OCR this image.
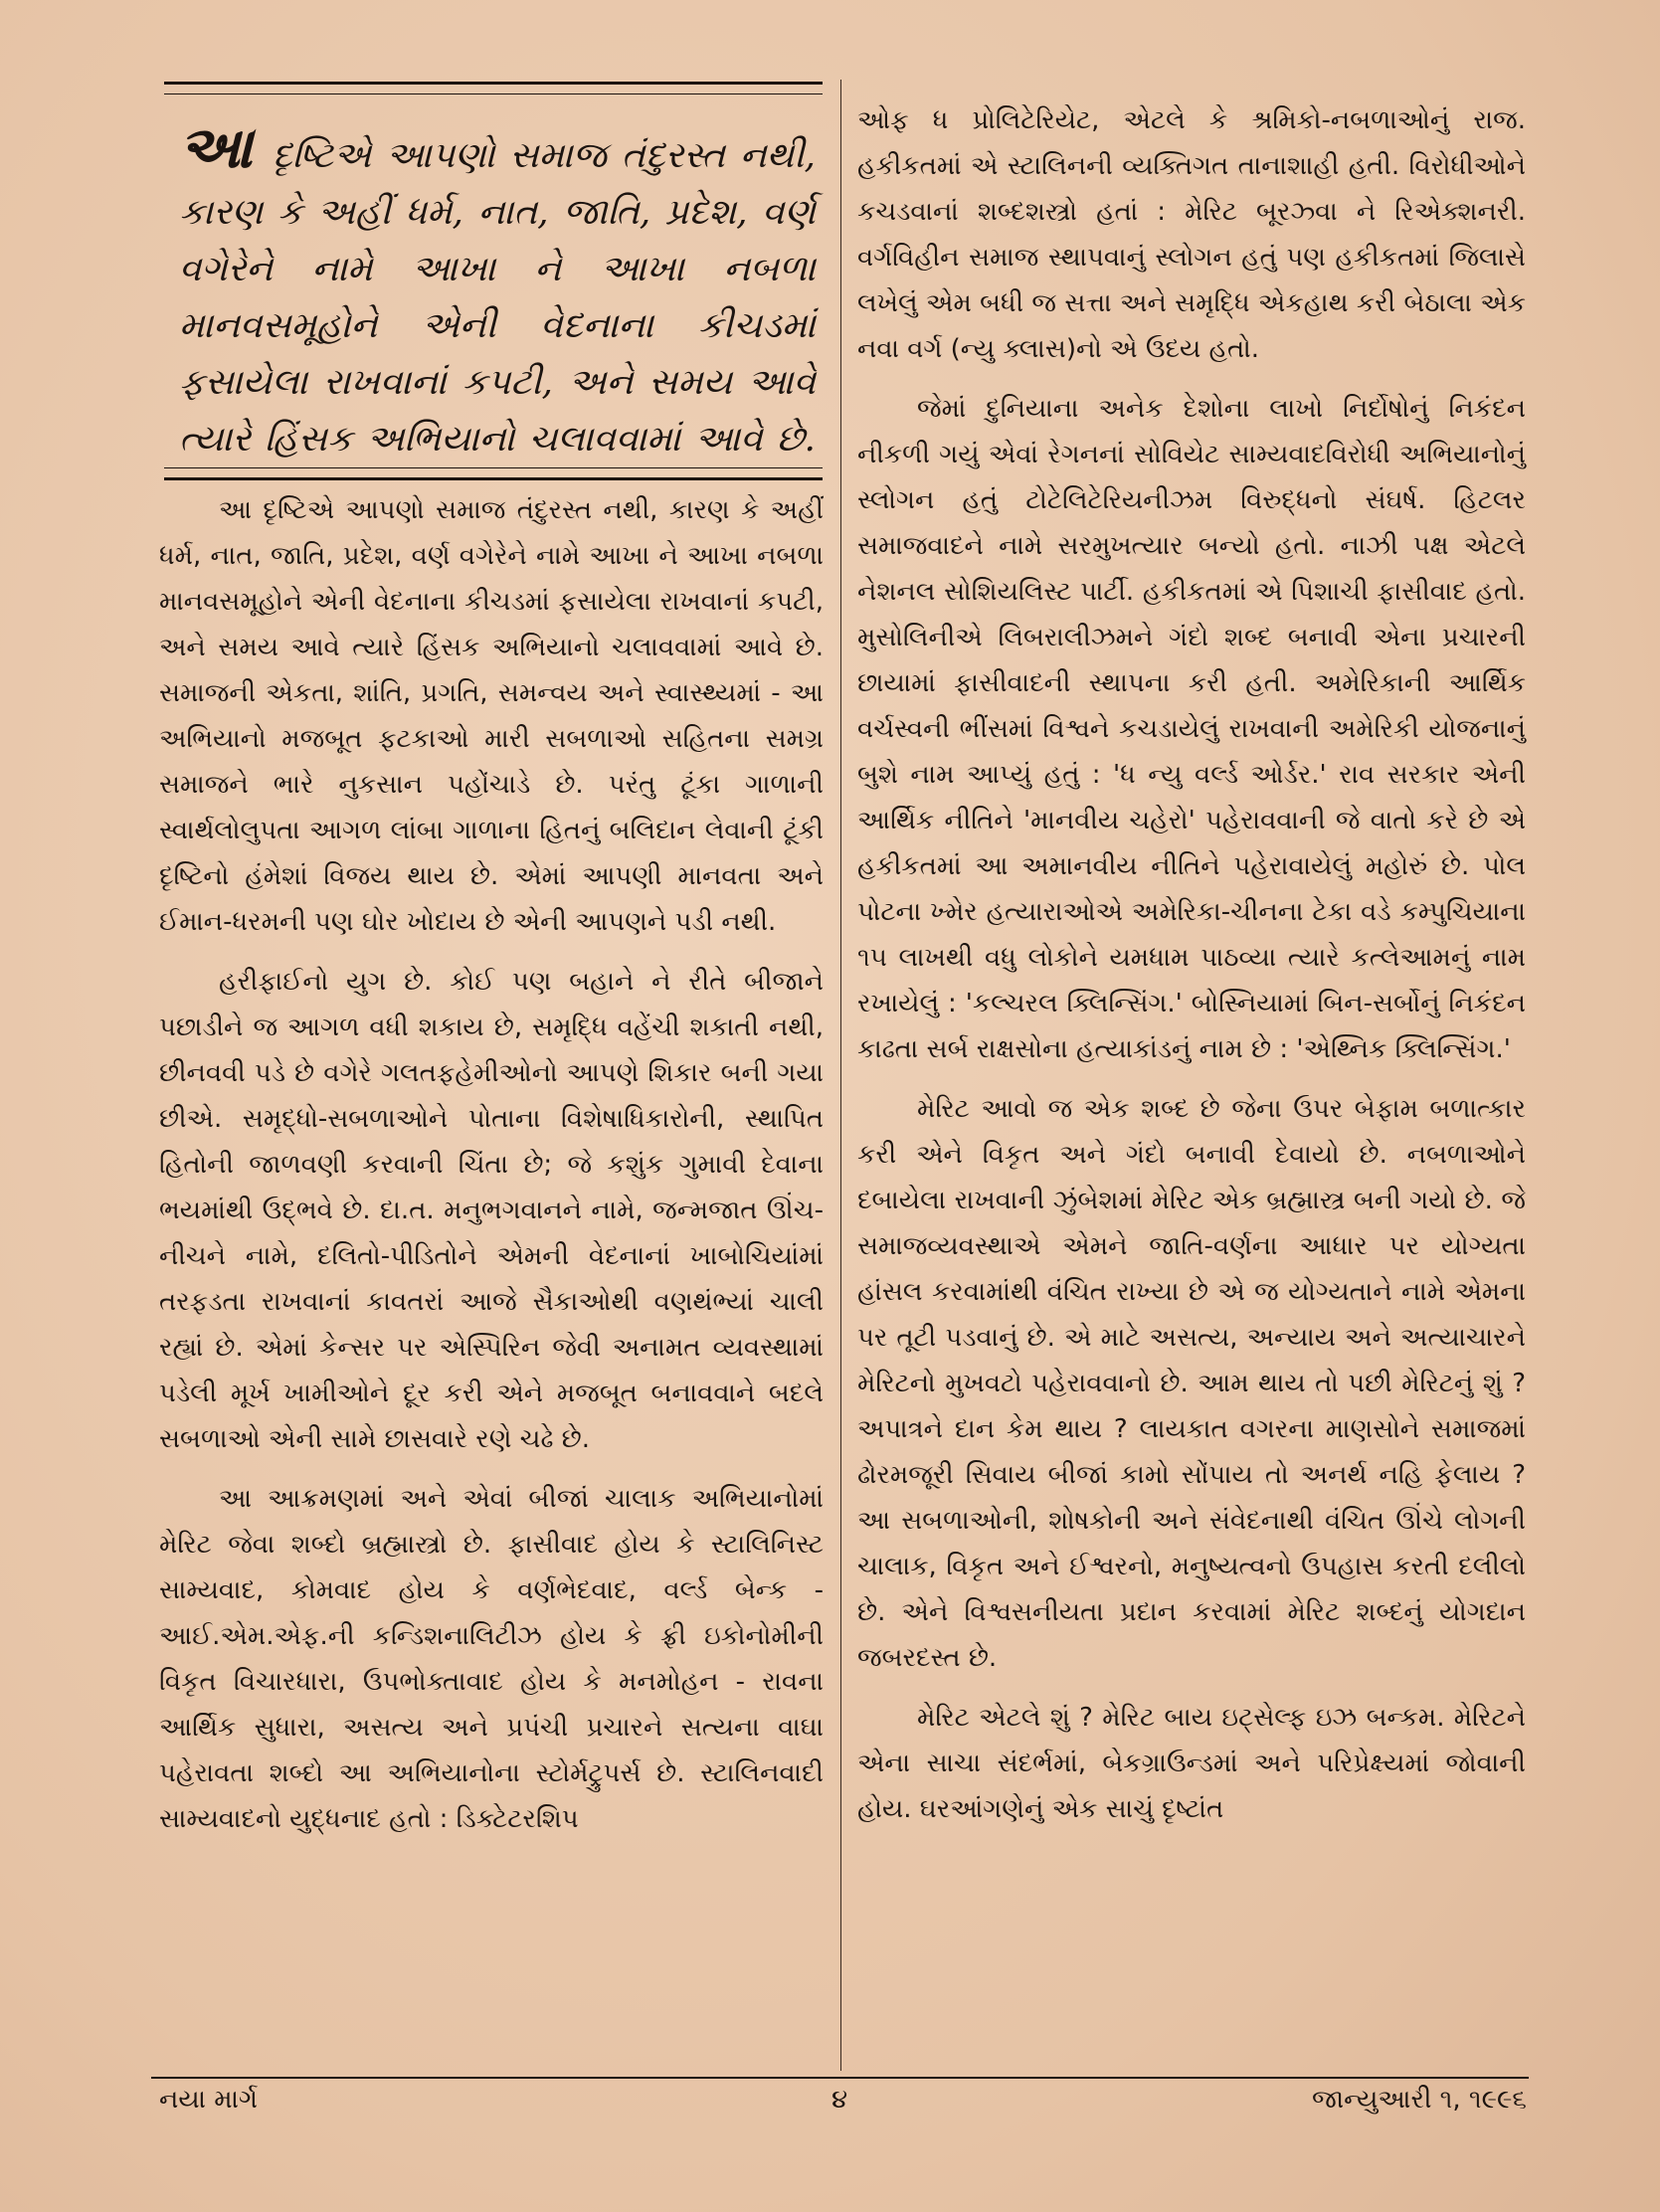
આદૃષ્ટિએ આપણો સમાજ તંદુરસ્ત નથી, કારણ કે અહીં ધર્મ, નાત, જાતિ, પ્રદેશ, વર્ણ વગેરેને નામે આખા ને આખા નબળા માનવસમૂહોને એની વેદનાના કીચડમાં ફસાયેલા રાખવાનાં કપટી, અને સમય આવે ત્યારે હિંસક અભિયાનો ચલાવવામાં આવે છે.

આ દૃષ્ટિએ આપણો સમાજ તંદુરસ્ત નથી, કારણ કે અહીં ધર્મ, નાત, જાતિ, પ્રદેશ, વર્ણ વગેરેને નામે આખા ને આખા નબળા માનવસમૂહોને એની વેદનાના કીચડમાં ફસાયેલા રાખવાનાં કપટી, અને સમય આવે ત્યારે હિંસક અભિયાનો ચલાવવામાં આવે છે. સમાજની એકતા, શાંતિ, પ્રગતિ, સમન્વય અને સ્વાસ્થ્યમાં - આ અભિયાનો મજબૂત ફટકાઓ મારી સબળાઓ સહિતના સમગ્ર સમાજને ભારે નુકસાન પહોંચાડે છે. પરંતુ ટૂંકા ગાળાની સ્વાર્થલોલુપતા આગળ લાંબા ગાળાના હિતનું બલિદાન લેવાની ટૂંકી દૃષ્ટિનો હંમેશાં વિજય થાય છે. એમાં આપણી માનવતા અને ઈમાન-ધરમની પણ ઘોર ખોદાય છે એની આપણને પડી નથી.

હરીફાઈનો યુગ છે. કોઈ પણ બહાને ને રીતે બીજાને પછાડીને જ આગળ વધી શકાય છે, સમૃદ્ધિ વહેંચી શકાતી નથી, છીનવવી પડે છે વગેરે ગલતફહેમીઓનો આપણે શિકાર બની ગયા છીએ. સમૃદ્ધો-સબળાઓને પોતાના વિશેષાધિકારોની, સ્થાપિત હિતોની જાળવણી કરવાની ચિંતા છે; જે કશુંક ગુમાવી દેવાના ભયમાંથી ઉદ્ભવે છે. દા.ત. મનુભગવાનને નામે, જન્મજાત ઊંચ-નીચને નામે, દલિતો-પીડિતોને એમની વેદનાનાં ખાબોચિયાંમાં તરફડતા રાખવાનાં કાવતરાં આજે સૈકાઓથી વણથંભ્યાં ચાલી રહ્યાં છે. એમાં કેન્સર પર એસ્પિરિન જેવી અનામત વ્યવસ્થામાં પડેલી મૂર્ખ ખામીઓને દૂર કરી એને મજબૂત બનાવવાને બદલે સબળાઓ એની સામે છાસવારે રણે ચઢે છે.

આ આક્રમણમાં અને એવાં બીજાં ચાલાક અભિયાનોમાં મેરિટ જેવા શબ્દો બ્રહ્માસ્ત્રો છે. ફાસીવાદ હોય કે સ્ટાલિનિસ્ટ સામ્યવાદ, કોમવાદ હોય કે વર્ણભેદવાદ, વર્લ્ડ બેન્ક - આઈ.એમ.એફ.ની કન્ડિશનાલિટીઝ હોય કે ફ્રી ઇકોનોમીની વિકૃત વિચારધારા, ઉપભોક્તાવાદ હોય કે મનમોહન - રાવના આર્થિક સુધારા, અસત્ય અને પ્રપંચી પ્રચારને સત્યના વાઘા પહેરાવતા શબ્દો આ અભિયાનોના સ્ટોર્મટ્રુપર્સ છે. સ્ટાલિનવાદી સામ્યવાદનો યુદ્ધનાદ હતો : ડિક્ટેટરશિપ

ઓફ ધ પ્રોલિટેરિયેટ, એટલે કે શ્રમિકો-નબળાઓનું રાજ. હકીકતમાં એ સ્ટાલિનની વ્યક્તિગત તાનાશાહી હતી. વિરોધીઓને કચડવાનાં શબ્દશસ્ત્રો હતાં : મેરિટ બૂરઝ્વા ને રિએક્શનરી. વર્ગવિહીન સમાજ સ્થાપવાનું સ્લોગન હતું પણ હકીકતમાં જિલાસે લખેલું એમ બધી જ સત્તા અને સમૃદ્ધિ એકહાથ કરી બેઠાલા એક નવા વર્ગ (ન્યુ ક્લાસ)નો એ ઉદય હતો.

જેમાં દુનિયાના અનેક દેશોના લાખો નિર્દોષોનું નિકંદન નીકળી ગયું એવાં રેગનનાં સોવિયેટ સામ્યવાદવિરોધી અભિયાનોનું સ્લોગન હતું ટોટેલિટેરિયનીઝમ વિરુદ્ધનો સંઘર્ષ. હિટલર સમાજવાદને નામે સરમુખત્યાર બન્યો હતો. નાઝી પક્ષ એટલે નેશનલ સોશિયલિસ્ટ પાર્ટી. હકીકતમાં એ પિશાચી ફાસીવાદ હતો. મુસોલિનીએ લિબરાલીઝમને ગંદો શબ્દ બનાવી એના પ્રચારની છાયામાં ફાસીવાદની સ્થાપના કરી હતી. અમેરિકાની આર્થિક વર્ચસ્વની ભીંસમાં વિશ્વને કચડાયેલું રાખવાની અમેરિકી યોજનાનું બુશે નામ આપ્યું હતું : 'ધ ન્યુ વર્લ્ડ ઓર્ડર.' રાવ સરકાર એની આર્થિક નીતિને 'માનવીય ચહેરો' પહેરાવવાની જે વાતો કરે છે એ હકીકતમાં આ અમાનવીય નીતિને પહેરાવાયેલું મહોરું છે. પોલ પોટના ખ્મેર હત્યારાઓએ અમેરિકા-ચીનના ટેકા વડે કમ્પુચિયાના ૧૫ લાખથી વધુ લોકોને યમધામ પાઠવ્યા ત્યારે કત્લેઆમનું નામ રખાયેલું : 'કલ્ચરલ ક્લિન્સિંગ.' બોસ્નિયામાં બિન-સર્બોનું નિકંદન કાઢતા સર્બ રાક્ષસોના હત્યાકાંડનું નામ છે : 'એથ્નિક ક્લિન્સિંગ.'

મેરિટ આવો જ એક શબ્દ છે જેના ઉપર બેફામ બળાત્કાર કરી એને વિકૃત અને ગંદો બનાવી દેવાયો છે. નબળાઓને દબાયેલા રાખવાની ઝુંબેશમાં મેરિટ એક બ્રહ્માસ્ત્ર બની ગયો છે. જે સમાજવ્યવસ્થાએ એમને જાતિ-વર્ણના આધાર પર યોગ્યતા હાંસલ કરવામાંથી વંચિત રાખ્યા છે એ જ યોગ્યતાને નામે એમના પર તૂટી પડવાનું છે. એ માટે અસત્ય, અન્યાય અને અત્યાચારને મેરિટનો મુખવટો પહેરાવવાનો છે. આમ થાય તો પછી મેરિટનું શું ? અપાત્રને દાન કેમ થાય ? લાયકાત વગરના માણસોને સમાજમાં ઢોરમજૂરી સિવાય બીજાં કામો સોંપાય તો અનર્થ નહિ ફેલાય ? આ સબળાઓની, શોષકોની અને સંવેદનાથી વંચિત ઊંચે લોગની ચાલાક, વિકૃત અને ઈશ્વરનો, મનુષ્યત્વનો ઉપહાસ કરતી દલીલો છે. એને વિશ્વસનીયતા પ્રદાન કરવામાં મેરિટ શબ્દનું યોગદાન જબરદસ્ત છે.

મેરિટ એટલે શું ? મેરિટ બાય ઇટ્સેલ્ફ ઇઝ બન્કમ. મેરિટને એના સાચા સંદર્ભમાં, બેકગ્રાઉન્ડમાં અને પરિપ્રેક્ષ્યમાં જોવાની હોય. ઘરઆંગણેનું એક સાચું દૃષ્ટાંત

નયા માર્ગ	૪	જાન્યુઆરી ૧, ૧૯૯૬
